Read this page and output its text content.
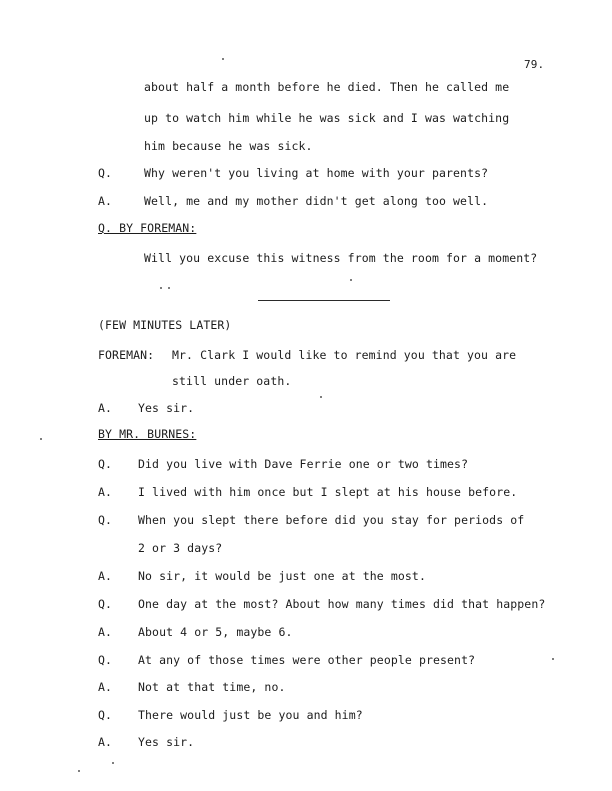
79.
about half a month before he died. Then he called me
up to watch him while he was sick and I was watching
him because he was sick.
Q.	Why weren't you living at home with your parents?
A.	Well, me and my mother didn't get along too well.
Q. BY FOREMAN:
Will you excuse this witness from the room for a moment?
(FEW MINUTES LATER)
FOREMAN: Mr. Clark I would like to remind you that you are
still under oath.
A. Yes sir.
BY MR. BURNES:
Q. Did you live with Dave Ferrie one or two times?
A. I lived with him once but I slept at his house before.
Q. When you slept there before did you stay for periods of
2 or 3 days?
A. No sir, it would be just one at the most.
Q. One day at the most? About how many times did that happen?
A. About 4 or 5, maybe 6.
Q. At any of those times were other people present?
A. Not at that time, no.
Q. There would just be you and him?
A. Yes sir.
